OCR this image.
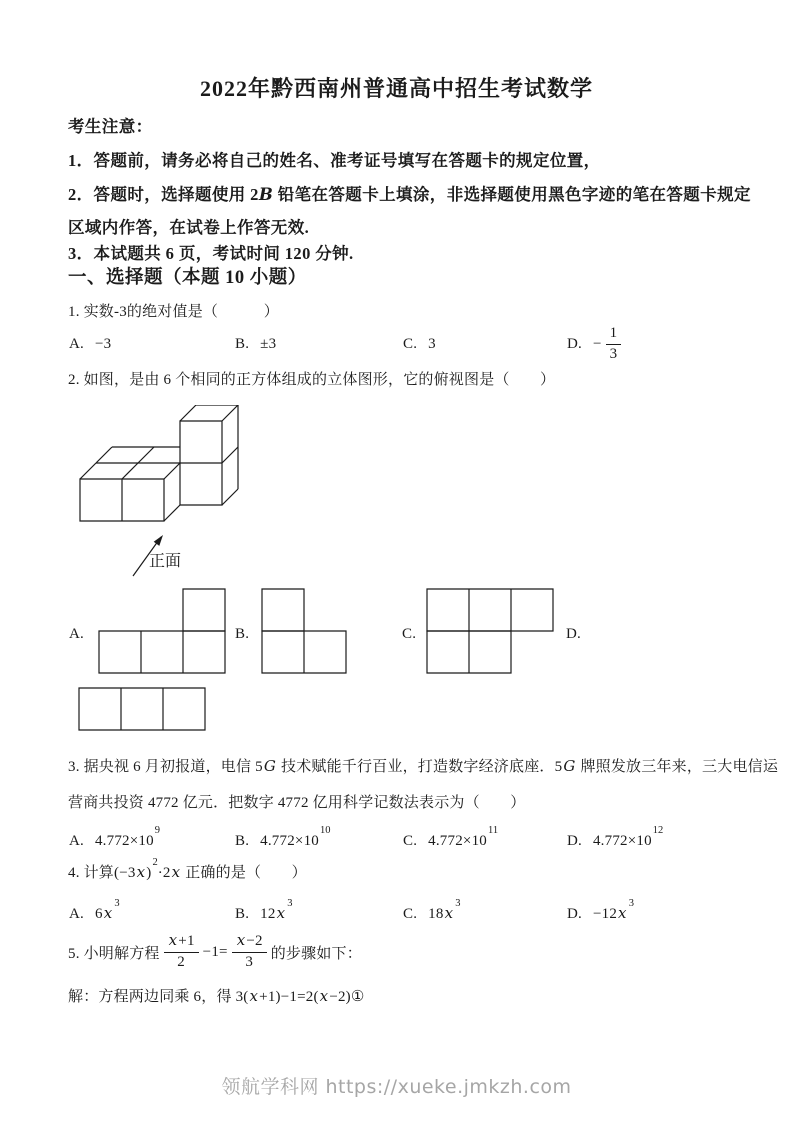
2022年黔西南州普通高中招生考试数学
考生注意：
1．答题前，请务必将自己的姓名、准考证号填写在答题卡的规定位置，
2．答题时，选择题使用 2B 铅笔在答题卡上填涂，非选择题使用黑色字迹的笔在答题卡规定
区域内作答，在试卷上作答无效.
3．本试题共 6 页，考试时间 120 分钟.
一、选择题（本题 10 小题）
1. 实数-3的绝对值是（　　　）
A. −3	B. ±3	C. 3	D. − $\frac{1}{3}$
2. 如图，是由 6 个相同的正方体组成的立体图形，它的俯视图是（　　）
正面
A.	B.	C.	D.
3. 据央视 6 月初报道，电信 5G 技术赋能千行百业，打造数字经济底座．5G 牌照发放三年来，三大电信运
营商共投资 4772 亿元．把数字 4772 亿用科学记数法表示为（　　）
A. $4.772\times 10^9$
B. $4.772\times 10^{10}$
C. $4.772\times 10^{11}$
D. $4.772\times 10^{12}$
4. 计算$(-3x)^2\cdot 2x$ 正确的是（　　）
A. $6x^3$
B. $12x^3$
C. $18x^3$
D. $-12x^3$
5. 小明解方程 $\frac{x+1}{2} -1= \frac{x-2}{3}$ 的步骤如下：
解：方程两边同乘 6，得 3(x+1)−1=2(x−2)①
领航学科网 https://xueke.jmkzh.com
